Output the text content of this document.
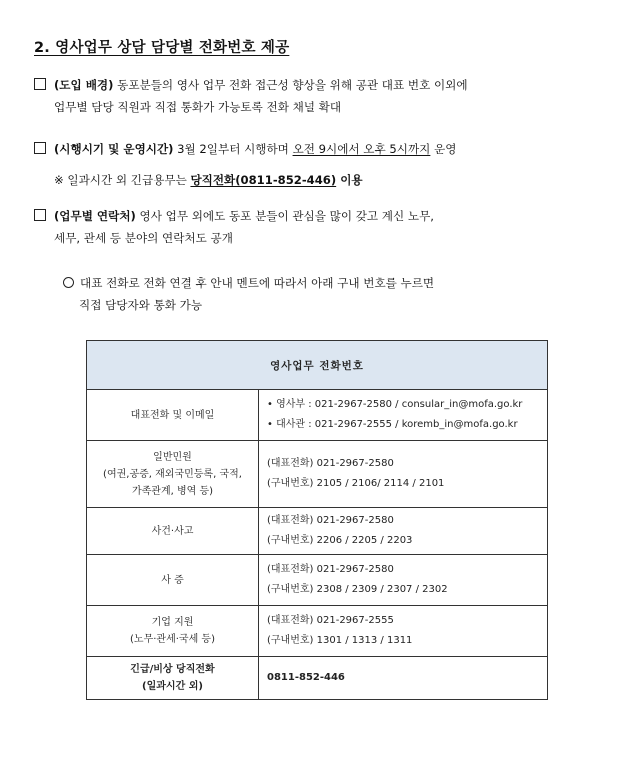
2. 영사업무 상담 담당별 전화번호 제공
(도입 배경) 동포분들의 영사 업무 전화 접근성 향상을 위해 공관 대표 번호 이외에
업무별 담당 직원과 직접 통화가 가능토록 전화 채널 확대
(시행시기 및 운영시간) 3월 2일부터 시행하며 오전 9시에서 오후 5시까지 운영
※ 일과시간 외 긴급용무는 당직전화(0811-852-446) 이용
(업무별 연락처) 영사 업무 외에도 동포 분들이 관심을 많이 갖고 계신 노무,
세무, 관세 등 분야의 연락처도 공개
대표 전화로 전화 연결 후 안내 멘트에 따라서 아래 구내 번호를 누르면
직접 담당자와 통화 가능
영사업무 전화번호	

대표전화 및 이메일	• 영사부 : 021-2967-2580 / consular_in@mofa.go.kr
• 대사관 : 021-2967-2555 / koremb_in@mofa.go.kr

일반민원
(여권,공증, 재외국민등록, 국적,
가족관계, 병역 등)	(대표전화) 021-2967-2580
(구내번호) 2105 / 2106/ 2114 / 2101

사건·사고	(대표전화) 021-2967-2580
(구내번호) 2206 / 2205 / 2203

사 증	(대표전화) 021-2967-2580
(구내번호) 2308 / 2309 / 2307 / 2302

기업 지원
(노무·관세·국세 등)	(대표전화) 021-2967-2555
(구내번호) 1301 / 1313 / 1311

긴급/비상 당직전화
(일과시간 외)	0811-852-446
